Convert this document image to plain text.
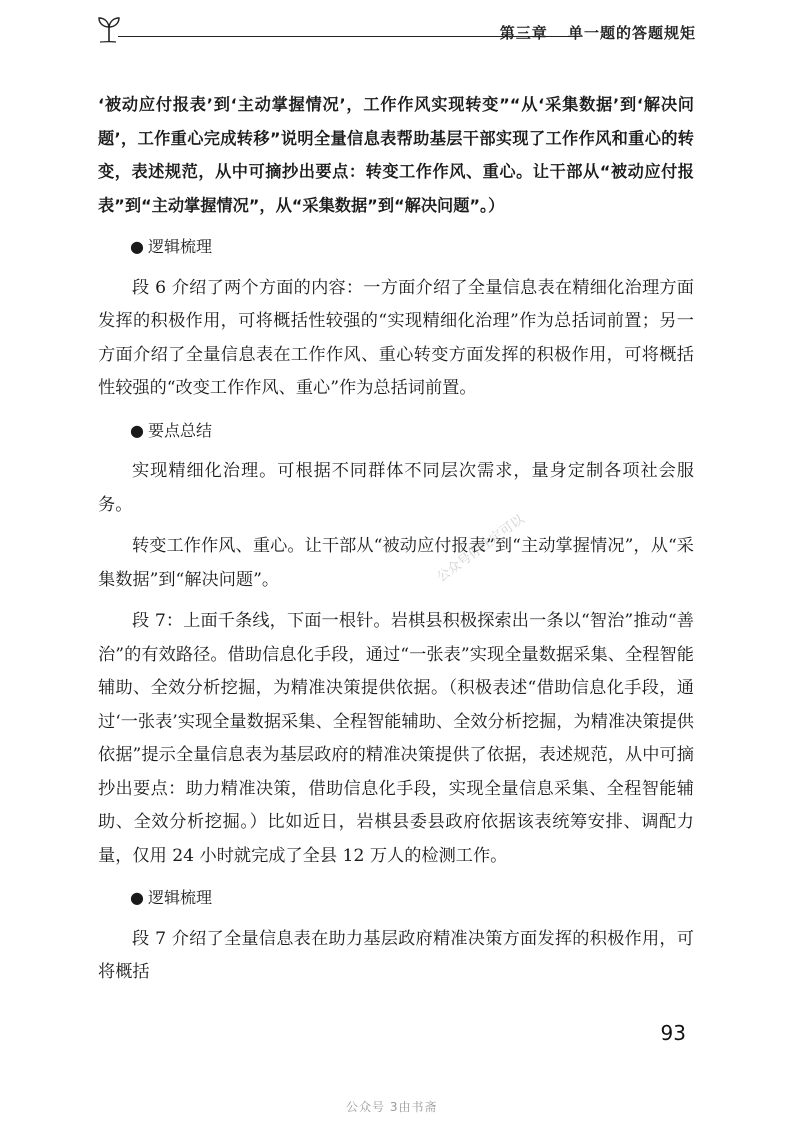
第三章 单一题的答题规矩

‘被动应付报表’到‘主动掌握情况’，工作作风实现转变”“从‘采集数据’到‘解决问题’，工作重心完成转移”说明全量信息表帮助基层干部实现了工作作风和重心的转变，表述规范，从中可摘抄出要点：转变工作作风、重心。让干部从“被动应付报表”到“主动掌握情况”，从“采集数据”到“解决问题”。）

● 逻辑梳理

段 6 介绍了两个方面的内容：一方面介绍了全量信息表在精细化治理方面发挥的积极作用，可将概括性较强的“实现精细化治理”作为总括词前置；另一方面介绍了全量信息表在工作作风、重心转变方面发挥的积极作用，可将概括性较强的“改变工作作风、重心”作为总括词前置。

● 要点总结

实现精细化治理。可根据不同群体不同层次需求，量身定制各项社会服务。

转变工作作风、重心。让干部从“被动应付报表”到“主动掌握情况”，从“采集数据”到“解决问题”。

段 7：上面千条线，下面一根针。岩棋县积极探索出一条以“智治”推动“善治”的有效路径。借助信息化手段，通过“一张表”实现全量数据采集、全程智能辅助、全效分析挖掘，为精准决策提供依据。（积极表述“借助信息化手段，通过‘一张表’实现全量数据采集、全程智能辅助、全效分析挖掘，为精准决策提供依据”提示全量信息表为基层政府的精准决策提供了依据，表述规范，从中可摘抄出要点：助力精准决策，借助信息化手段，实现全量信息采集、全程智能辅助、全效分析挖掘。）比如近日，岩棋县委县政府依据该表统筹安排、调配力量，仅用 24 小时就完成了全县 12 万人的检测工作。

● 逻辑梳理

段 7 介绍了全量信息表在助力基层政府精准决策方面发挥的积极作用，可将概括

公众号你注定可以
93
公众号 3由书斋
